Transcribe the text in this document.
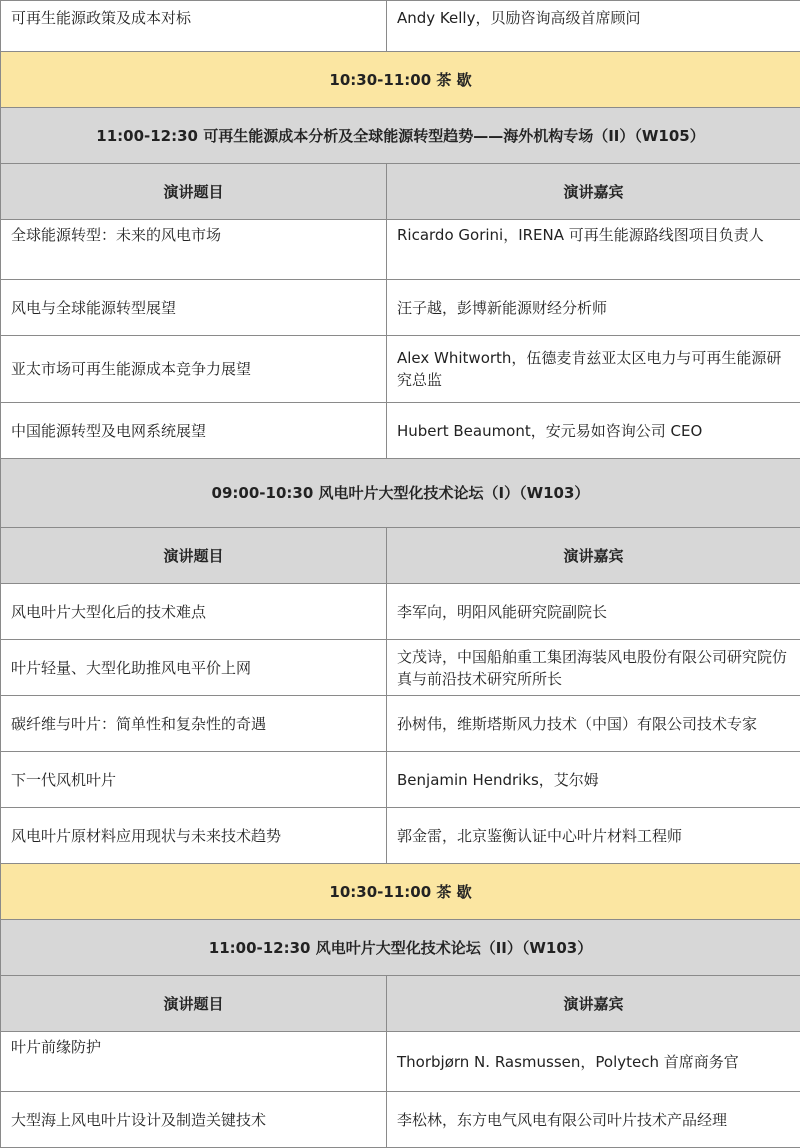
可再生能源政策及成本对标	Andy Kelly，贝励咨询高级首席顾问
10:30-11:00 茶 歇	
11:00-12:30 可再生能源成本分析及全球能源转型趋势——海外机构专场（II）（W105）	
演讲题目	演讲嘉宾
全球能源转型：未来的风电市场	Ricardo Gorini，IRENA 可再生能源路线图项目负责人
风电与全球能源转型展望	汪子越，彭博新能源财经分析师
亚太市场可再生能源成本竞争力展望	Alex Whitworth，伍德麦肯兹亚太区电力与可再生能源研究总监
中国能源转型及电网系统展望	Hubert Beaumont，安元易如咨询公司 CEO
09:00-10:30 风电叶片大型化技术论坛（I）（W103）	
演讲题目	演讲嘉宾
风电叶片大型化后的技术难点	李军向，明阳风能研究院副院长
叶片轻量、大型化助推风电平价上网	文茂诗，中国船舶重工集团海装风电股份有限公司研究院仿真与前沿技术研究所所长
碳纤维与叶片：简单性和复杂性的奇遇	孙树伟，维斯塔斯风力技术（中国）有限公司技术专家
下一代风机叶片	Benjamin Hendriks，艾尔姆
风电叶片原材料应用现状与未来技术趋势	郭金雷，北京鉴衡认证中心叶片材料工程师
10:30-11:00 茶 歇	
11:00-12:30 风电叶片大型化技术论坛（II）（W103）	
演讲题目	演讲嘉宾
叶片前缘防护	Thorbjørn N. Rasmussen，Polytech 首席商务官
大型海上风电叶片设计及制造关键技术	李松林，东方电气风电有限公司叶片技术产品经理
